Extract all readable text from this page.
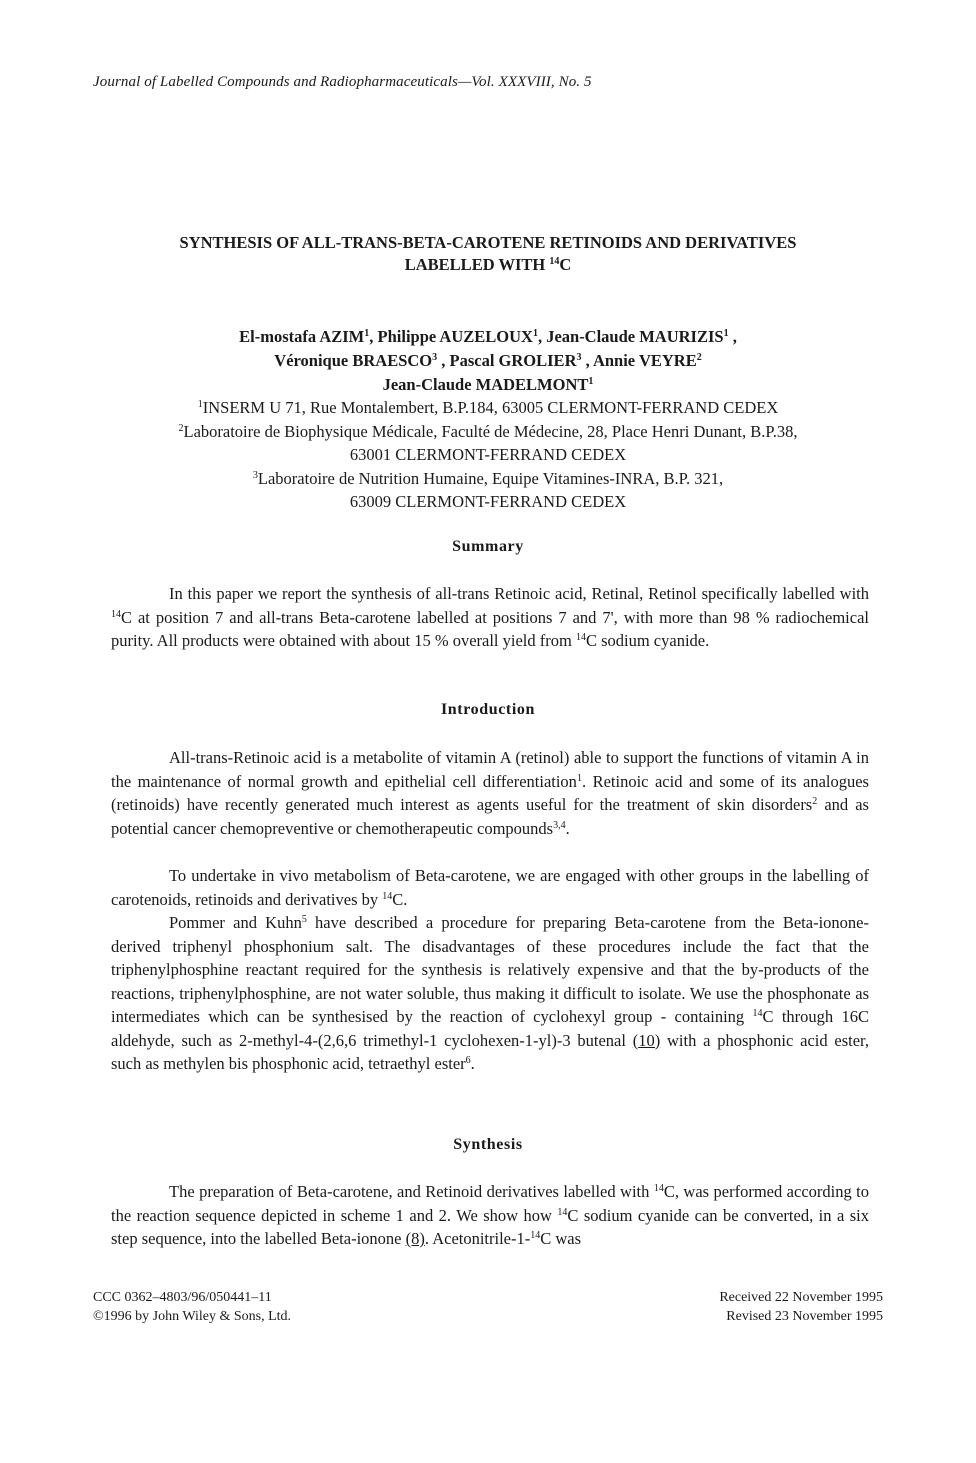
Journal of Labelled Compounds and Radiopharmaceuticals—Vol. XXXVIII, No. 5
SYNTHESIS OF ALL-TRANS-BETA-CAROTENE RETINOIDS AND DERIVATIVES
LABELLED WITH $^{14}$C
El-mostafa AZIM$^1$, Philippe AUZELOUX$^1$, Jean-Claude MAURIZIS$^1$ ,
Véronique BRAESCO$^3$ , Pascal GROLIER$^3$ , Annie VEYRE$^2$
Jean-Claude MADELMONT$^1$
$^1$INSERM U 71, Rue Montalembert, B.P.184, 63005 CLERMONT-FERRAND CEDEX
$^2$Laboratoire de Biophysique Médicale, Faculté de Médecine, 28, Place Henri Dunant, B.P.38,
63001 CLERMONT-FERRAND CEDEX
$^3$Laboratoire de Nutrition Humaine, Equipe Vitamines-INRA, B.P. 321,
63009 CLERMONT-FERRAND CEDEX
Summary
In this paper we report the synthesis of all-trans Retinoic acid, Retinal, Retinol specifically labelled with $^{14}$C at position 7 and all-trans Beta-carotene labelled at positions 7 and 7', with more than 98 % radiochemical purity. All products were obtained with about 15 % overall yield from $^{14}$C sodium cyanide.
Introduction
All-trans-Retinoic acid is a metabolite of vitamin A (retinol) able to support the functions of vitamin A in the maintenance of normal growth and epithelial cell differentiation$^1$. Retinoic acid and some of its analogues (retinoids) have recently generated much interest as agents useful for the treatment of skin disorders$^2$ and as potential cancer chemopreventive or chemotherapeutic compounds$^{3,4}$.
To undertake in vivo metabolism of Beta-carotene, we are engaged with other groups in the labelling of carotenoids, retinoids and derivatives by $^{14}$C.
Pommer and Kuhn$^5$ have described a procedure for preparing Beta-carotene from the Beta-ionone-derived triphenyl phosphonium salt. The disadvantages of these procedures include the fact that the triphenylphosphine reactant required for the synthesis is relatively expensive and that the by-products of the reactions, triphenylphosphine, are not water soluble, thus making it difficult to isolate. We use the phosphonate as intermediates which can be synthesised by the reaction of cyclohexyl group - containing $^{14}$C through 16C aldehyde, such as 2-methyl-4-(2,6,6 trimethyl-1 cyclohexen-1-yl)-3 butenal (10) with a phosphonic acid ester, such as methylen bis phosphonic acid, tetraethyl ester$^6$.
Synthesis
The preparation of Beta-carotene, and Retinoid derivatives labelled with $^{14}$C, was performed according to the reaction sequence depicted in scheme 1 and 2. We show how $^{14}$C sodium cyanide can be converted, in a six step sequence, into the labelled Beta-ionone (8). Acetonitrile-1-$^{14}$C was
CCC 0362–4803/96/050441–11
©1996 by John Wiley & Sons, Ltd.
Received 22 November 1995
Revised 23 November 1995
